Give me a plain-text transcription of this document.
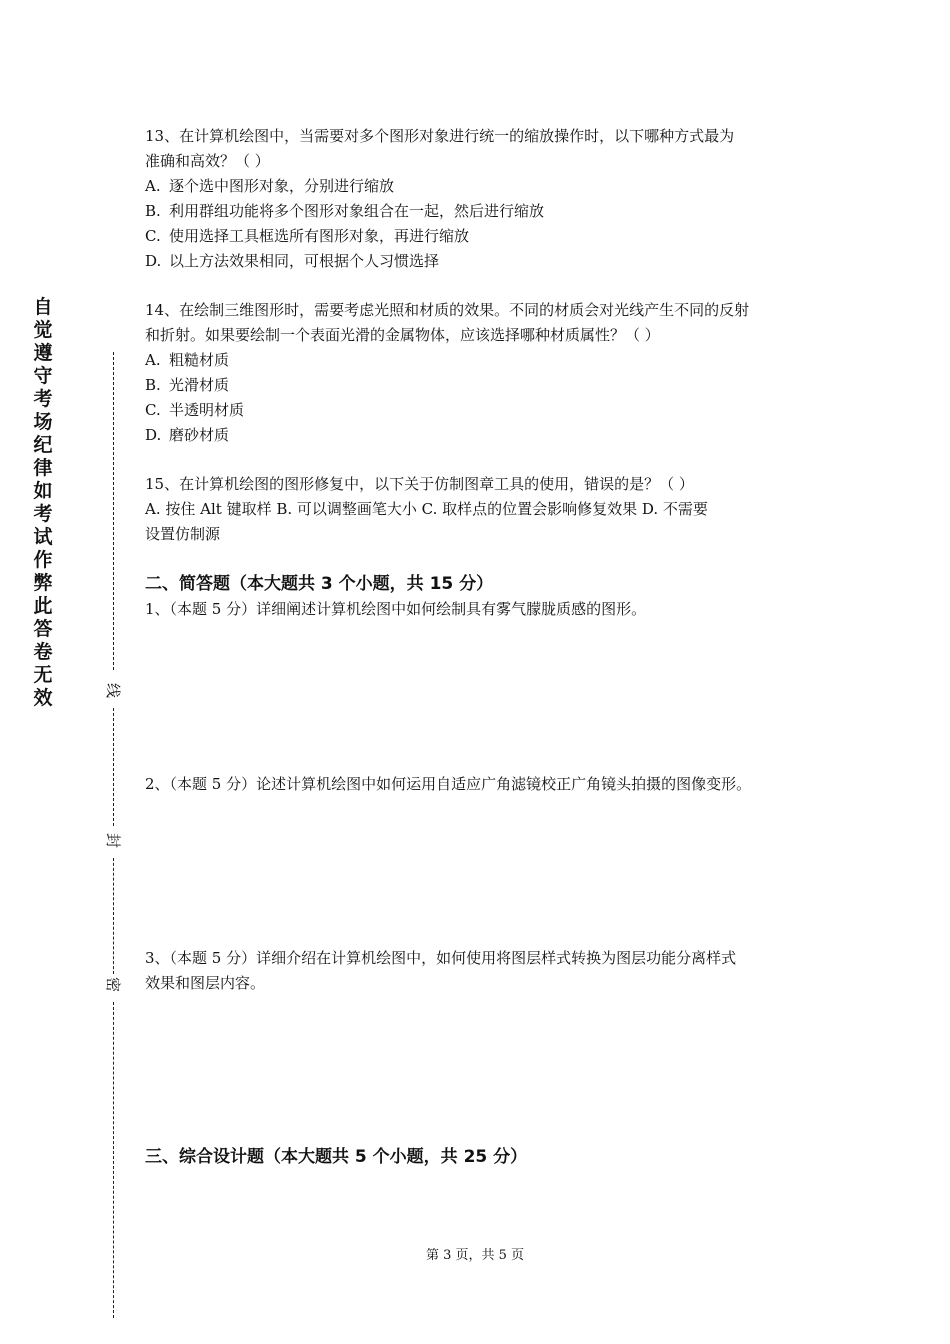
自
觉
遵
守
考
场
纪
律
如
考
试
作
弊
此
答
卷
无
效	线
封
密

13、在计算机绘图中，当需要对多个图形对象进行统一的缩放操作时，以下哪种方式最为

准确和高效？（ ）

A. 逐个选中图形对象，分别进行缩放

B. 利用群组功能将多个图形对象组合在一起，然后进行缩放

C. 使用选择工具框选所有图形对象，再进行缩放

D. 以上方法效果相同，可根据个人习惯选择

14、在绘制三维图形时，需要考虑光照和材质的效果。不同的材质会对光线产生不同的反射

和折射。如果要绘制一个表面光滑的金属物体，应该选择哪种材质属性？（ ）

A. 粗糙材质

B. 光滑材质

C. 半透明材质

D. 磨砂材质

15、在计算机绘图的图形修复中，以下关于仿制图章工具的使用，错误的是？（ ）

A. 按住 Alt 键取样 B. 可以调整画笔大小 C. 取样点的位置会影响修复效果 D. 不需要

设置仿制源

二、简答题（本大题共 3 个小题，共 15 分）

1、（本题 5 分）详细阐述计算机绘图中如何绘制具有雾气朦胧质感的图形。

2、（本题 5 分）论述计算机绘图中如何运用自适应广角滤镜校正广角镜头拍摄的图像变形。

3、（本题 5 分）详细介绍在计算机绘图中，如何使用将图层样式转换为图层功能分离样式

效果和图层内容。

三、综合设计题（本大题共 5 个小题，共 25 分）

第 3 页，共 5 页
